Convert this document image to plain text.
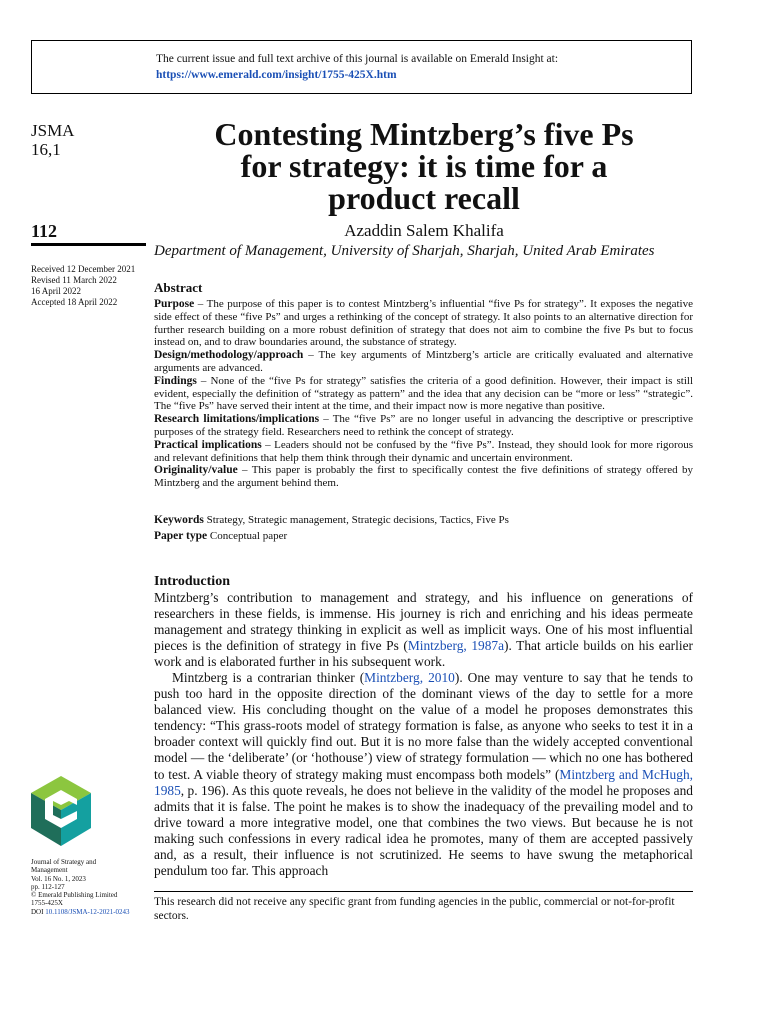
The current issue and full text archive of this journal is available on Emerald Insight at:
https://www.emerald.com/insight/1755-425X.htm
JSMA
16,1
112
Received 12 December 2021
Revised 11 March 2022
16 April 2022
Accepted 18 April 2022
Contesting Mintzberg’s five Ps
for strategy: it is time for a
product recall
Azaddin Salem Khalifa
Department of Management, University of Sharjah, Sharjah, United Arab Emirates
Abstract

Purpose – The purpose of this paper is to contest Mintzberg’s influential “five Ps for strategy”. It exposes the negative side effect of these “five Ps” and urges a rethinking of the concept of strategy. It also points to an alternative direction for further research building on a more robust definition of strategy that does not aim to combine the five Ps but to focus instead on, and to draw boundaries around, the substance of strategy.

Design/methodology/approach – The key arguments of Mintzberg’s article are critically evaluated and alternative arguments are advanced.

Findings – None of the “five Ps for strategy” satisfies the criteria of a good definition. However, their impact is still evident, especially the definition of “strategy as pattern” and the idea that any decision can be “more or less” “strategic”. The “five Ps” have served their intent at the time, and their impact now is more negative than positive.

Research limitations/implications – The “five Ps” are no longer useful in advancing the descriptive or prescriptive purposes of the strategy field. Researchers need to rethink the concept of strategy.

Practical implications – Leaders should not be confused by the “five Ps”. Instead, they should look for more rigorous and relevant definitions that help them think through their dynamic and uncertain environment.

Originality/value – This paper is probably the first to specifically contest the five definitions of strategy offered by Mintzberg and the argument behind them.

Keywords Strategy, Strategic management, Strategic decisions, Tactics, Five Ps
Paper type Conceptual paper
Introduction

Mintzberg’s contribution to management and strategy, and his influence on generations of researchers in these fields, is immense. His journey is rich and enriching and his ideas permeate management and strategy thinking in explicit as well as implicit ways. One of his most influential pieces is the definition of strategy in five Ps (Mintzberg, 1987a). That article builds on his earlier work and is elaborated further in his subsequent work.

Mintzberg is a contrarian thinker (Mintzberg, 2010). One may venture to say that he tends to push too hard in the opposite direction of the dominant views of the day to settle for a more balanced view. His concluding thought on the value of a model he proposes demonstrates this tendency: “This grass-roots model of strategy formation is false, as anyone who seeks to test it in a broader context will quickly find out. But it is no more false than the widely accepted conventional model — the ‘deliberate’ (or ‘hothouse’) view of strategy formulation — which no one has bothered to test. A viable theory of strategy making must encompass both models” (Mintzberg and McHugh, 1985, p. 196). As this quote reveals, he does not believe in the validity of the model he proposes and admits that it is false. The point he makes is to show the inadequacy of the prevailing model and to drive toward a more integrative model, one that combines the two views. But because he is not making such confessions in every radical idea he promotes, many of them are accepted passively and, as a result, their influence is not scrutinized. He seems to have swung the metaphorical pendulum too far. This approach

This research did not receive any specific grant from funding agencies in the public, commercial or not-for-profit sectors.
Journal of Strategy and
Management
Vol. 16 No. 1, 2023
pp. 112-127
© Emerald Publishing Limited
1755-425X
DOI 10.1108/JSMA-12-2021-0243
